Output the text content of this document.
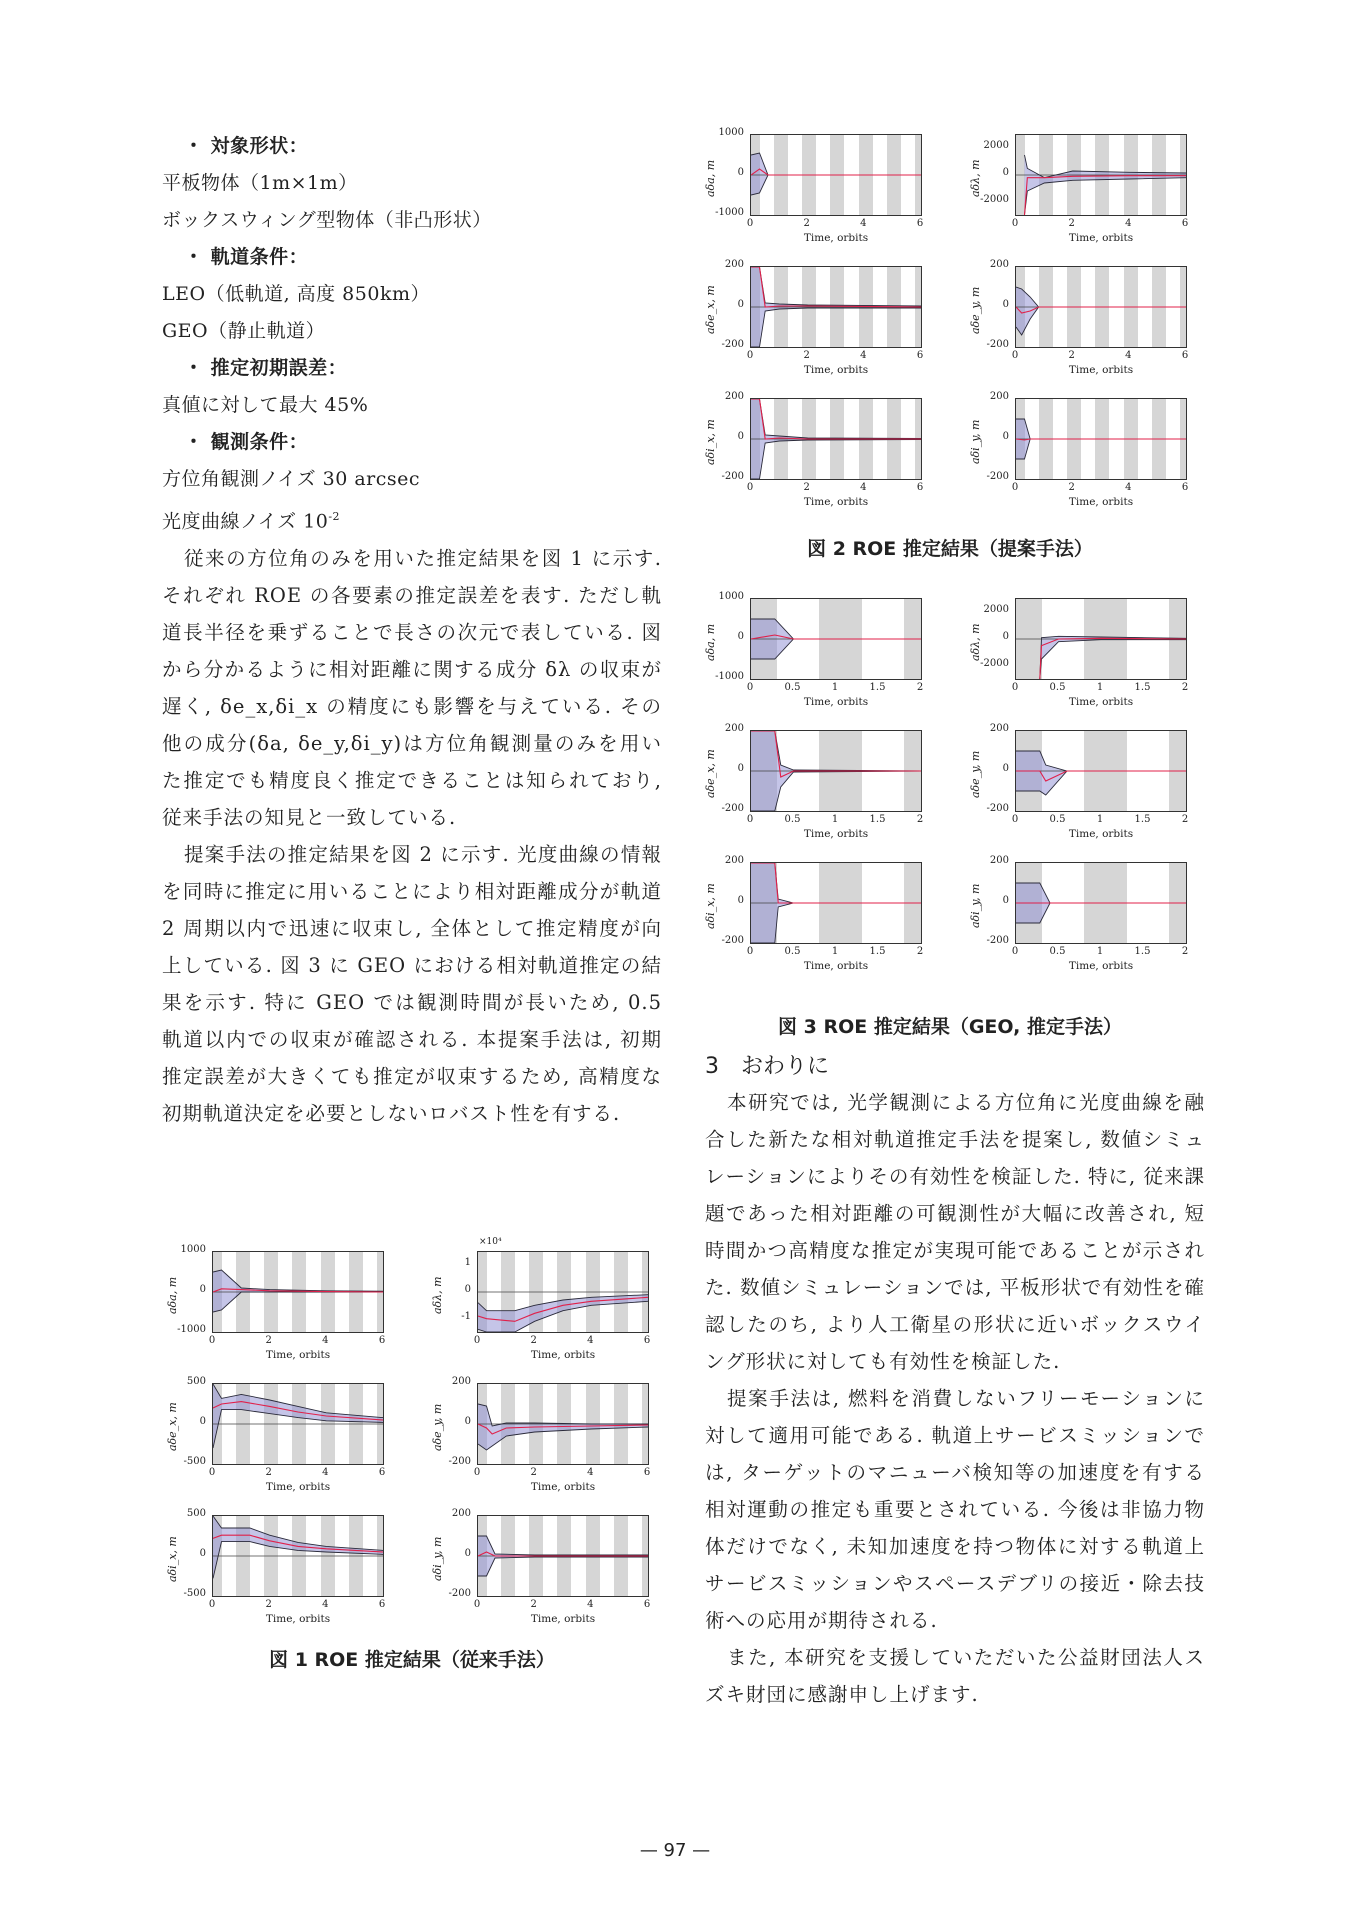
・ 対象形状：
平板物体（1m×1m）
ボックスウィング型物体（非凸形状）
・ 軌道条件：
LEO（低軌道, 高度 850km）
GEO（静止軌道）
・ 推定初期誤差：
真値に対して最大 45%
・ 観測条件：
方位角観測ノイズ 30 arcsec
光度曲線ノイズ $10^{-2}$

従来の方位角のみを用いた推定結果を図 1 に示す. それぞれ ROE の各要素の推定誤差を表す. ただし軌道長半径を乗ずることで長さの次元で表している. 図から分かるように相対距離に関する成分 δλ の収束が遅く, δe_x,δi_x の精度にも影響を与えている. その他の成分(δa, δe_y,δi_y)は方位角観測量のみを用いた推定でも精度良く推定できることは知られており, 従来手法の知見と一致している.

提案手法の推定結果を図 2 に示す. 光度曲線の情報を同時に推定に用いることにより相対距離成分が軌道 2 周期以内で迅速に収束し, 全体として推定精度が向上している. 図 3 に GEO における相対軌道推定の結果を示す. 特に GEO では観測時間が長いため, 0.5 軌道以内での収束が確認される. 本提案手法は, 初期推定誤差が大きくても推定が収束するため, 高精度な初期軌道決定を必要としないロバスト性を有する.

aδa, m
-1000
0
1000
0	2	4	6
Time, orbits
aδλ, m
×10⁴
-1
0
1
0	2	4	6
Time, orbits
aδe_x, m
-500
0
500
0	2	4	6
Time, orbits
aδe_y, m
-200
0
200
0	2	4	6
Time, orbits
aδi_x, m
-500
0
500
0	2	4	6
Time, orbits
aδi_y, m
-200
0
200
0	2	4	6
Time, orbits
図 1 ROE 推定結果（従来手法）
aδa, m
-1000
0
1000
0	2	4	6
Time, orbits
aδλ, m
-2000
0
2000
0	2	4	6
Time, orbits
aδe_x, m
-200
0
200
0	2	4	6
Time, orbits
aδe_y, m
-200
0
200
0	2	4	6
Time, orbits
aδi_x, m
-200
0
200
0	2	4	6
Time, orbits
aδi_y, m
-200
0
200
0	2	4	6
Time, orbits
図 2 ROE 推定結果（提案手法）
aδa, m
-1000
0
1000
0	0.5	1	1.5	2
Time, orbits
aδλ, m
-2000
0
2000
0	0.5	1	1.5	2
Time, orbits
aδe_x, m
-200
0
200
0	0.5	1	1.5	2
Time, orbits
aδe_y, m
-200
0
200
0	0.5	1	1.5	2
Time, orbits
aδi_x, m
-200
0
200
0	0.5	1	1.5	2
Time, orbits
aδi_y, m
-200
0
200
0	0.5	1	1.5	2
Time, orbits
図 3 ROE 推定結果（GEO, 推定手法）
3　おわりに

本研究では, 光学観測による方位角に光度曲線を融合した新たな相対軌道推定手法を提案し, 数値シミュレーションによりその有効性を検証した. 特に, 従来課題であった相対距離の可観測性が大幅に改善され, 短時間かつ高精度な推定が実現可能であることが示された. 数値シミュレーションでは, 平板形状で有効性を確認したのち, より人工衛星の形状に近いボックスウイング形状に対しても有効性を検証した.

提案手法は, 燃料を消費しないフリーモーションに対して適用可能である. 軌道上サービスミッションでは, ターゲットのマニューバ検知等の加速度を有する相対運動の推定も重要とされている. 今後は非協力物体だけでなく, 未知加速度を持つ物体に対する軌道上サービスミッションやスペースデブリの接近・除去技術への応用が期待される.

また, 本研究を支援していただいた公益財団法人スズキ財団に感謝申し上げます.

— 97 —
